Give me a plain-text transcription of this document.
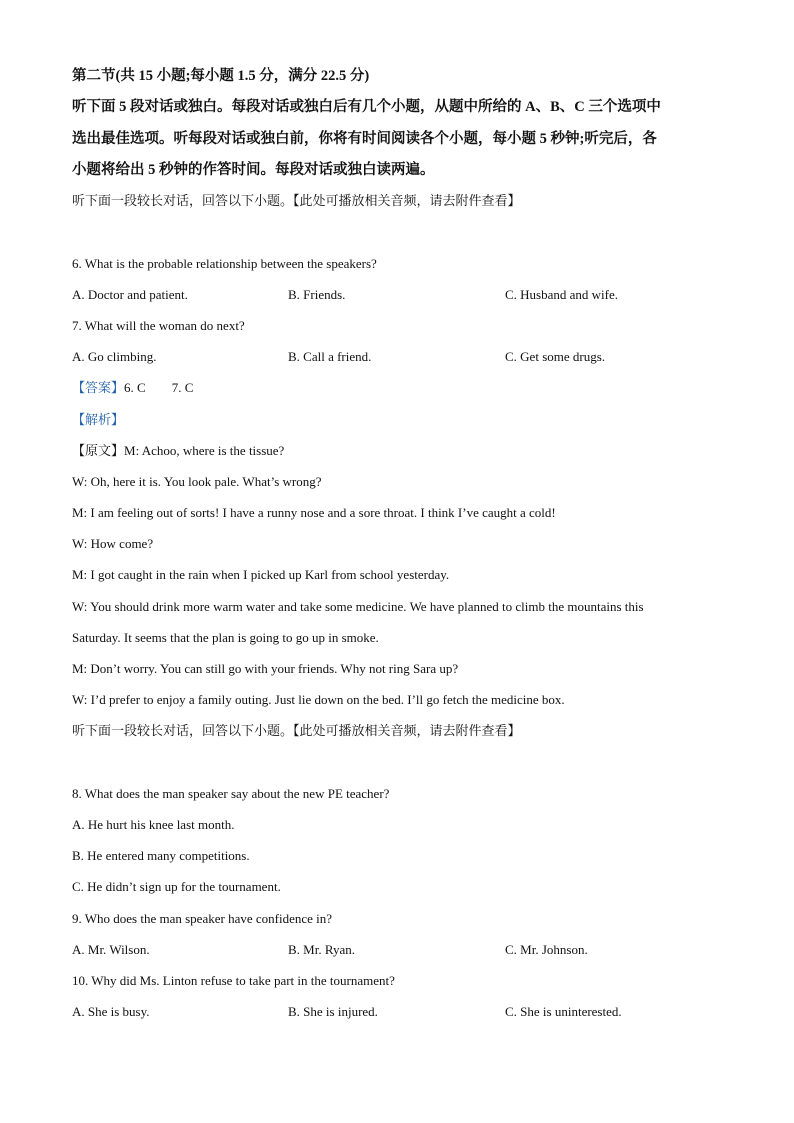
第二节(共 15 小题;每小题 1.5 分，满分 22.5 分)
听下面 5 段对话或独白。每段对话或独白后有几个小题，从题中所给的 A、B、C 三个选项中
选出最佳选项。听每段对话或独白前，你将有时间阅读各个小题，每小题 5 秒钟;听完后，各
小题将给出 5 秒钟的作答时间。每段对话或独白读两遍。
听下面一段较长对话，回答以下小题。【此处可播放相关音频，请去附件查看】
6. What is the probable relationship between the speakers?
A. Doctor and patient.	B. Friends.	C. Husband and wife.
7. What will the woman do next?
A. Go climbing.	B. Call a friend.	C. Get some drugs.
【答案】6. C 7. C
【解析】
【原文】M: Achoo, where is the tissue?
W: Oh, here it is. You look pale. What’s wrong?
M: I am feeling out of sorts! I have a runny nose and a sore throat. I think I’ve caught a cold!
W: How come?
M: I got caught in the rain when I picked up Karl from school yesterday.
W: You should drink more warm water and take some medicine. We have planned to climb the mountains this
Saturday. It seems that the plan is going to go up in smoke.
M: Don’t worry. You can still go with your friends. Why not ring Sara up?
W: I’d prefer to enjoy a family outing. Just lie down on the bed. I’ll go fetch the medicine box.
听下面一段较长对话，回答以下小题。【此处可播放相关音频，请去附件查看】
8. What does the man speaker say about the new PE teacher?
A. He hurt his knee last month.
B. He entered many competitions.
C. He didn’t sign up for the tournament.
9. Who does the man speaker have confidence in?
A. Mr. Wilson.	B. Mr. Ryan.	C. Mr. Johnson.
10. Why did Ms. Linton refuse to take part in the tournament?
A. She is busy.	B. She is injured.	C. She is uninterested.
